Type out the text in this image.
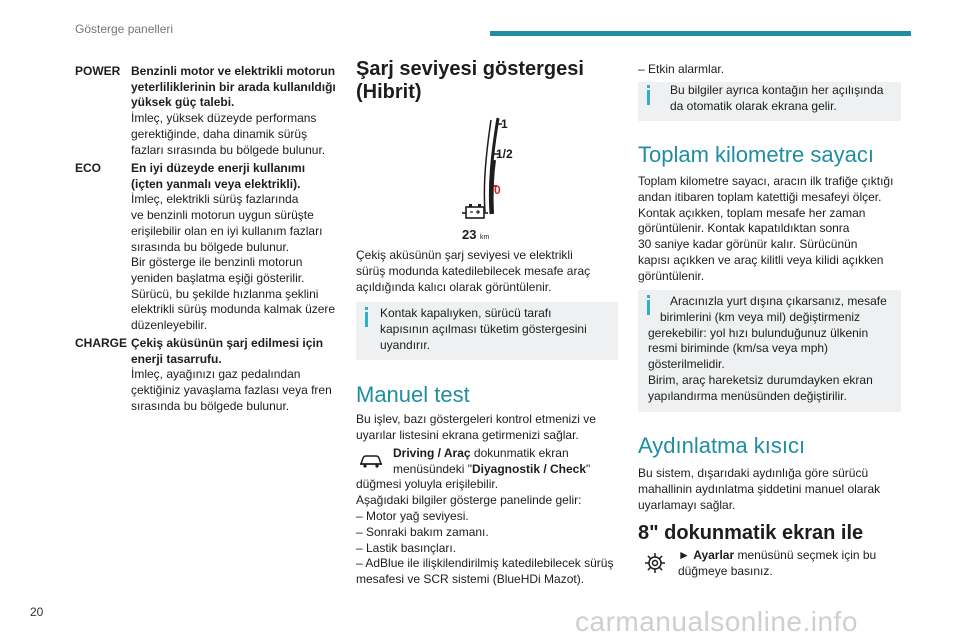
Gösterge panelleri
POWER Benzinli motor ve elektrikli motorun
yeterliliklerinin bir arada kullanıldığı
yüksek güç talebi.
İmleç, yüksek düzeyde performans
gerektiğinde, daha dinamik sürüş
fazları sırasında bu bölgede bulunur.
ECO En iyi düzeyde enerji kullanımı
(içten yanmalı veya elektrikli).
İmleç, elektrikli sürüş fazlarında
ve benzinli motorun uygun sürüşte
erişilebilir olan en iyi kullanım fazları
sırasında bu bölgede bulunur.
Bir gösterge ile benzinli motorun
yeniden başlatma eşiği gösterilir.
Sürücü, bu şekilde hızlanma şeklini
elektrikli sürüş modunda kalmak üzere
düzenleyebilir.
CHARGE Çekiş aküsünün şarj edilmesi için
enerji tasarrufu.
İmleç, ayağınızı gaz pedalından
çektiğiniz yavaşlama fazlası veya fren
sırasında bu bölgede bulunur.
Şarj seviyesi göstergesi
(Hibrit)
1
1/2
0
23 km
Çekiş aküsünün şarj seviyesi ve elektrikli
sürüş modunda katedilebilecek mesafe araç
açıldığında kalıcı olarak görüntülenir.
Kontak kapalıyken, sürücü tarafı
kapısının açılması tüketim göstergesini
uyandırır.
Manuel test
Bu işlev, bazı göstergeleri kontrol etmenizi ve
uyarılar listesini ekrana getirmenizi sağlar.
Driving / Araç dokunmatik ekran
menüsündeki "Diyagnostik / Check"
düğmesi yoluyla erişilebilir.
Aşağıdaki bilgiler gösterge panelinde gelir:
– Motor yağ seviyesi.
– Sonraki bakım zamanı.
– Lastik basınçları.
– AdBlue ile ilişkilendirilmiş katedilebilecek sürüş
mesafesi ve SCR sistemi (BlueHDi Mazot).
– Etkin alarmlar.
Bu bilgiler ayrıca kontağın her açılışında
da otomatik olarak ekrana gelir.
Toplam kilometre sayacı
Toplam kilometre sayacı, aracın ilk trafiğe çıktığı
andan itibaren toplam katettiği mesafeyi ölçer.
Kontak açıkken, toplam mesafe her zaman
görüntülenir. Kontak kapatıldıktan sonra
30 saniye kadar görünür kalır. Sürücünün
kapısı açıkken ve araç kilitli veya kilidi açıkken
görüntülenir.
Aracınızla yurt dışına çıkarsanız, mesafe
birimlerini (km veya mil) değiştirmeniz
gerekebilir: yol hızı bulunduğunuz ülkenin
resmi biriminde (km/sa veya mph)
gösterilmelidir.
Birim, araç hareketsiz durumdayken ekran
yapılandırma menüsünden değiştirilir.
Aydınlatma kısıcı
Bu sistem, dışarıdaki aydınlığa göre sürücü
mahallinin aydınlatma şiddetini manuel olarak
uyarlamayı sağlar.
8" dokunmatik ekran ile
► Ayarlar menüsünü seçmek için bu
düğmeye basınız.
20	carmanualsonline.info
